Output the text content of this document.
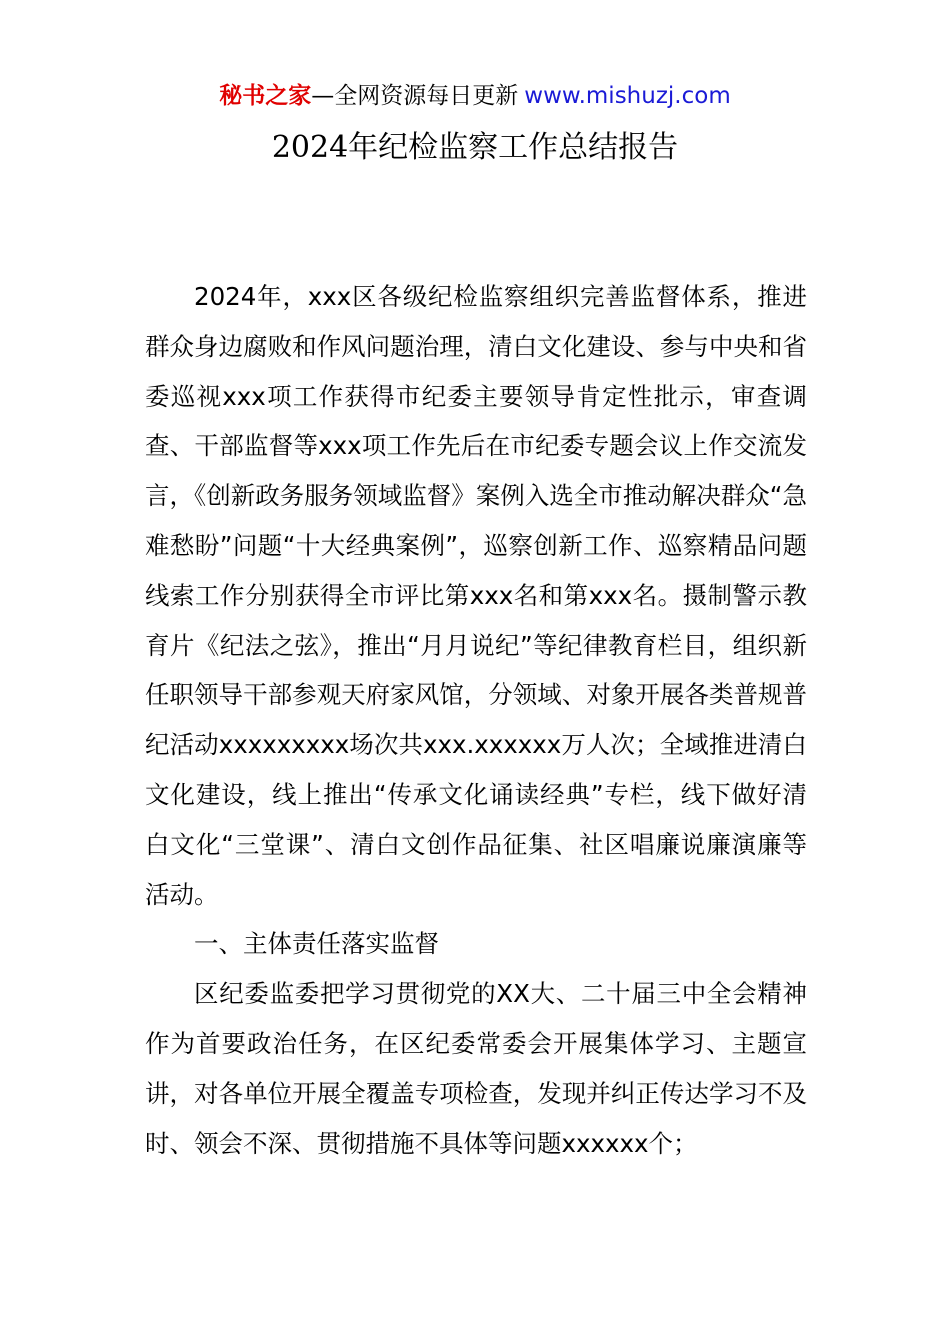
秘书之家—全网资源每日更新 www.mishuzj.com
2024年纪检监察工作总结报告

2024年，xxx区各级纪检监察组织完善监督体系，推进群众身边腐败和作风问题治理，清白文化建设、参与中央和省委巡视xxx项工作获得市纪委主要领导肯定性批示，审查调查、干部监督等xxx项工作先后在市纪委专题会议上作交流发言，《创新政务服务领域监督》案例入选全市推动解决群众“急难愁盼”问题“十大经典案例”，巡察创新工作、巡察精品问题线索工作分别获得全市评比第xxx名和第xxx名。摄制警示教育片《纪法之弦》，推出“月月说纪”等纪律教育栏目，组织新任职领导干部参观天府家风馆，分领域、对象开展各类普规普纪活动xxxxxxxxx场次共xxx.xxxxxx万人次；全域推进清白文化建设，线上推出“传承文化诵读经典”专栏，线下做好清白文化“三堂课”、清白文创作品征集、社区唱廉说廉演廉等活动。

一、主体责任落实监督

区纪委监委把学习贯彻党的XX大、二十届三中全会精神作为首要政治任务，在区纪委常委会开展集体学习、主题宣讲，对各单位开展全覆盖专项检查，发现并纠正传达学习不及时、领会不深、贯彻措施不具体等问题xxxxxx个；
